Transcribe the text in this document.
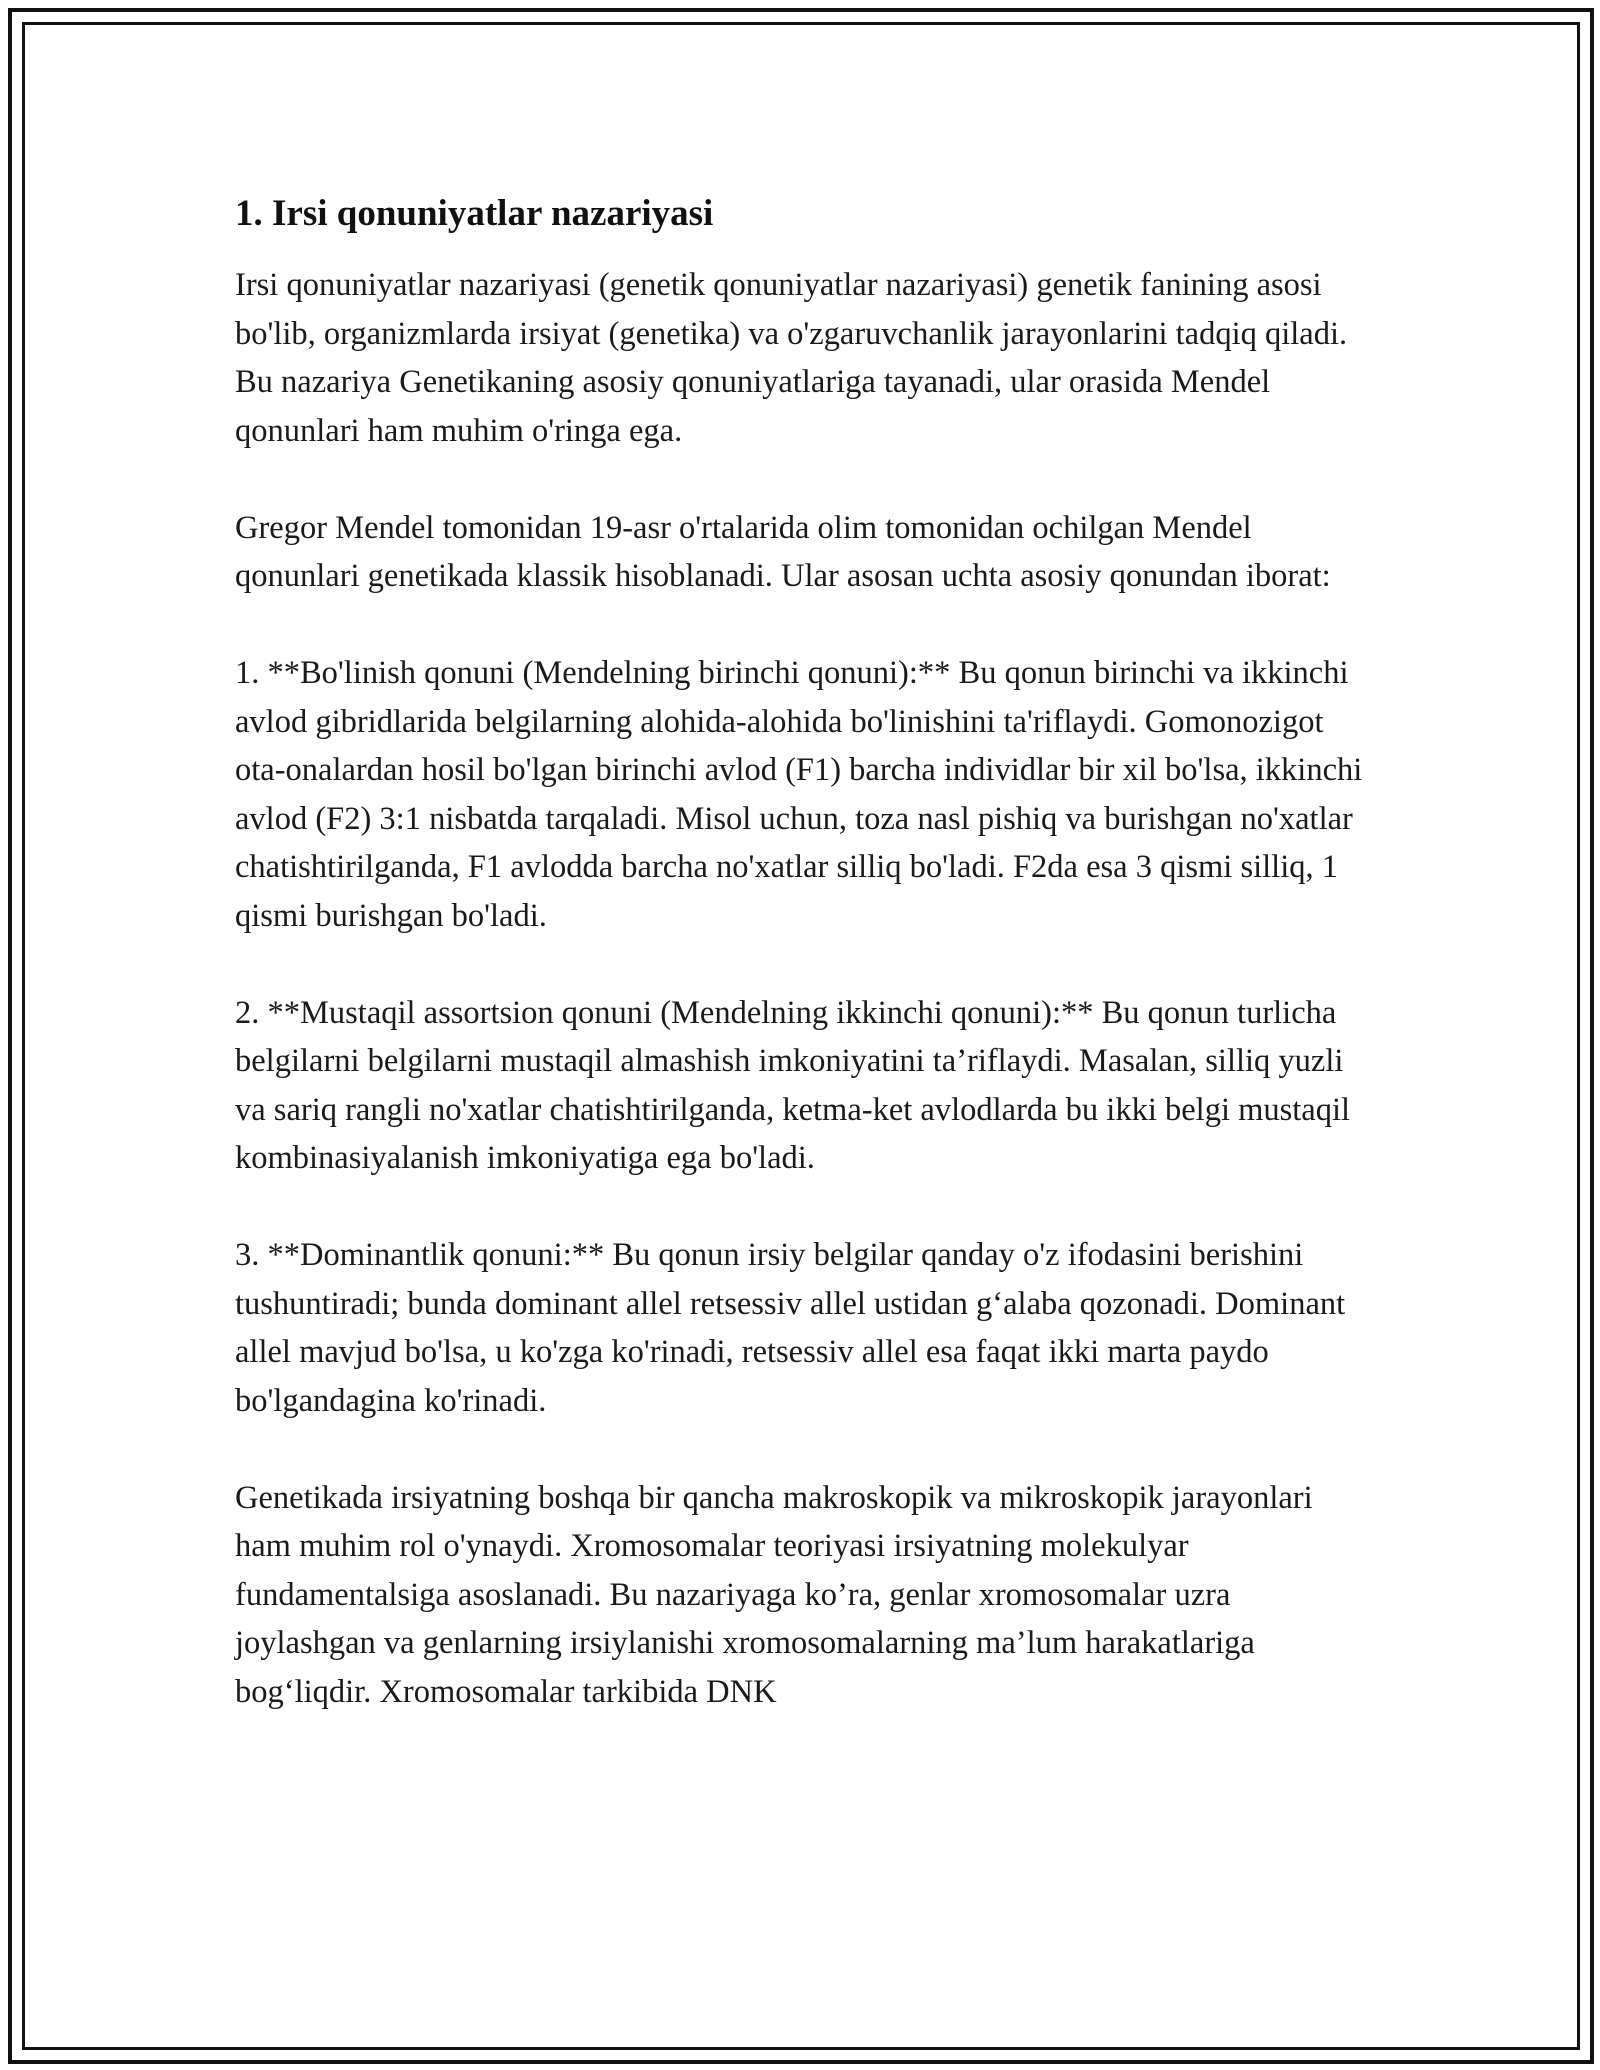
1. Irsi qonuniyatlar nazariyasi

Irsi qonuniyatlar nazariyasi (genetik qonuniyatlar nazariyasi) genetik fanining asosi bo'lib, organizmlarda irsiyat (genetika) va o'zgaruvchanlik jarayonlarini tadqiq qiladi. Bu nazariya Genetikaning asosiy qonuniyatlariga tayanadi, ular orasida Mendel qonunlari ham muhim o'ringa ega.

Gregor Mendel tomonidan 19-asr o'rtalarida olim tomonidan ochilgan Mendel qonunlari genetikada klassik hisoblanadi. Ular asosan uchta asosiy qonundan iborat:

1. **Bo'linish qonuni (Mendelning birinchi qonuni):** Bu qonun birinchi va ikkinchi avlod gibridlarida belgilarning alohida-alohida bo'linishini ta'riflaydi. Gomonozigot ota-onalardan hosil bo'lgan birinchi avlod (F1) barcha individlar bir xil bo'lsa, ikkinchi avlod (F2) 3:1 nisbatda tarqaladi. Misol uchun, toza nasl pishiq va burishgan no'xatlar chatishtirilganda, F1 avlodda barcha no'xatlar silliq bo'ladi. F2da esa 3 qismi silliq, 1 qismi burishgan bo'ladi.

2. **Mustaqil assortsion qonuni (Mendelning ikkinchi qonuni):** Bu qonun turlicha belgilarni belgilarni mustaqil almashish imkoniyatini ta’riflaydi. Masalan, silliq yuzli va sariq rangli no'xatlar chatishtirilganda, ketma-ket avlodlarda bu ikki belgi mustaqil kombinasiyalanish imkoniyatiga ega bo'ladi.

3. **Dominantlik qonuni:** Bu qonun irsiy belgilar qanday o'z ifodasini berishini tushuntiradi; bunda dominant allel retsessiv allel ustidan g‘alaba qozonadi. Dominant allel mavjud bo'lsa, u ko'zga ko'rinadi, retsessiv allel esa faqat ikki marta paydo bo'lgandagina ko'rinadi.

Genetikada irsiyatning boshqa bir qancha makroskopik va mikroskopik jarayonlari ham muhim rol o'ynaydi. Xromosomalar teoriyasi irsiyatning molekulyar fundamentalsiga asoslanadi. Bu nazariyaga ko’ra, genlar xromosomalar uzra joylashgan va genlarning irsiylanishi xromosomalarning ma’lum harakatlariga bog‘liqdir. Xromosomalar tarkibida DNK
